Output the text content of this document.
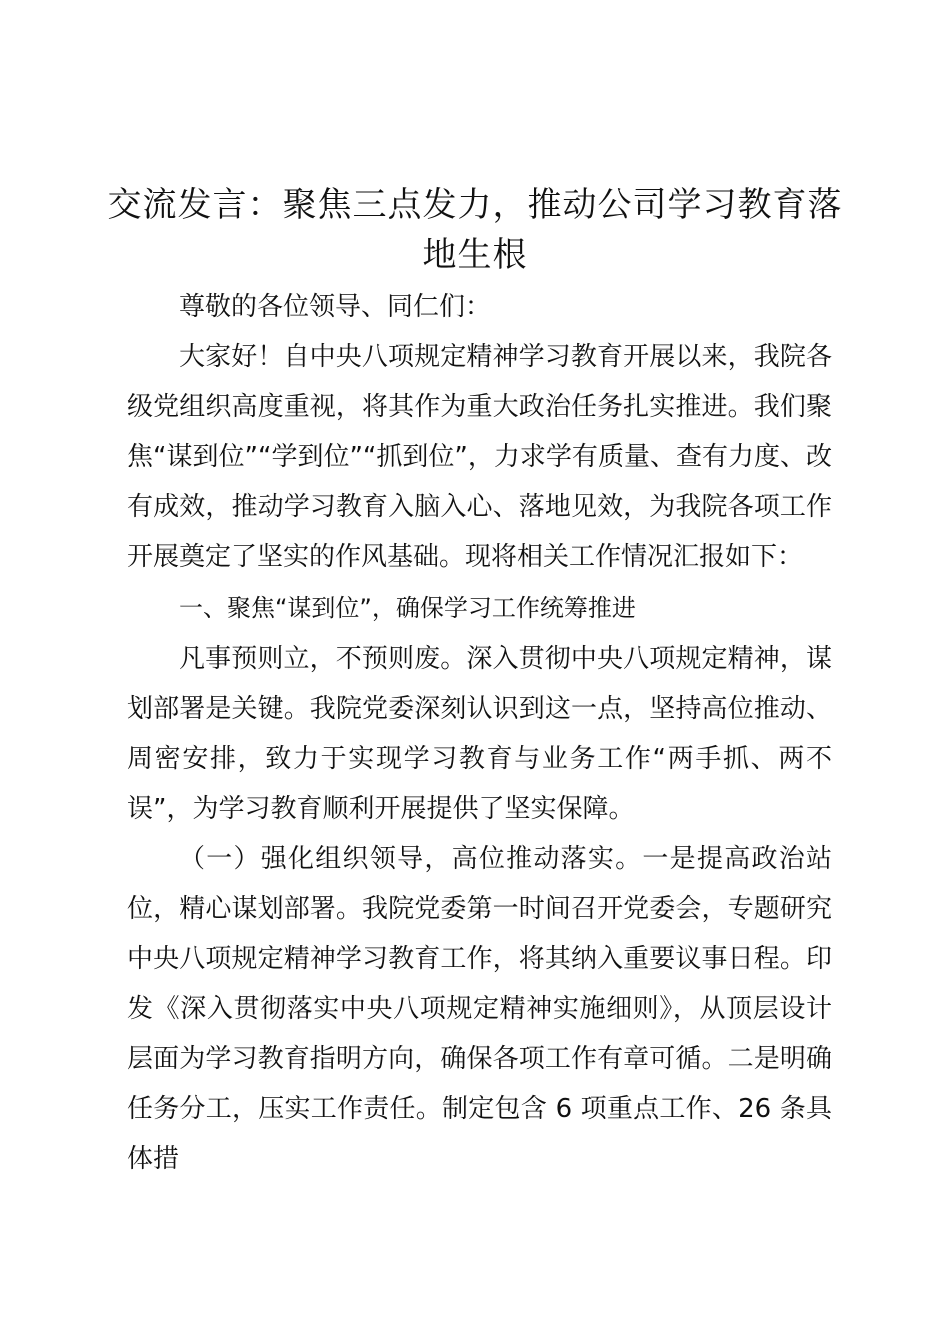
交流发言：聚焦三点发力，推动公司学习教育落地生根

尊敬的各位领导、同仁们：

大家好！自中央八项规定精神学习教育开展以来，我院各级党组织高度重视，将其作为重大政治任务扎实推进。我们聚焦“谋到位”“学到位”“抓到位”，力求学有质量、查有力度、改有成效，推动学习教育入脑入心、落地见效，为我院各项工作开展奠定了坚实的作风基础。现将相关工作情况汇报如下：

一、聚焦“谋到位”，确保学习工作统筹推进

凡事预则立，不预则废。深入贯彻中央八项规定精神，谋划部署是关键。我院党委深刻认识到这一点，坚持高位推动、周密安排，致力于实现学习教育与业务工作“两手抓、两不误”，为学习教育顺利开展提供了坚实保障。

（一）强化组织领导，高位推动落实。一是提高政治站位，精心谋划部署。我院党委第一时间召开党委会，专题研究中央八项规定精神学习教育工作，将其纳入重要议事日程。印发《深入贯彻落实中央八项规定精神实施细则》，从顶层设计层面为学习教育指明方向，确保各项工作有章可循。二是明确任务分工，压实工作责任。制定包含 6 项重点工作、26 条具体措
